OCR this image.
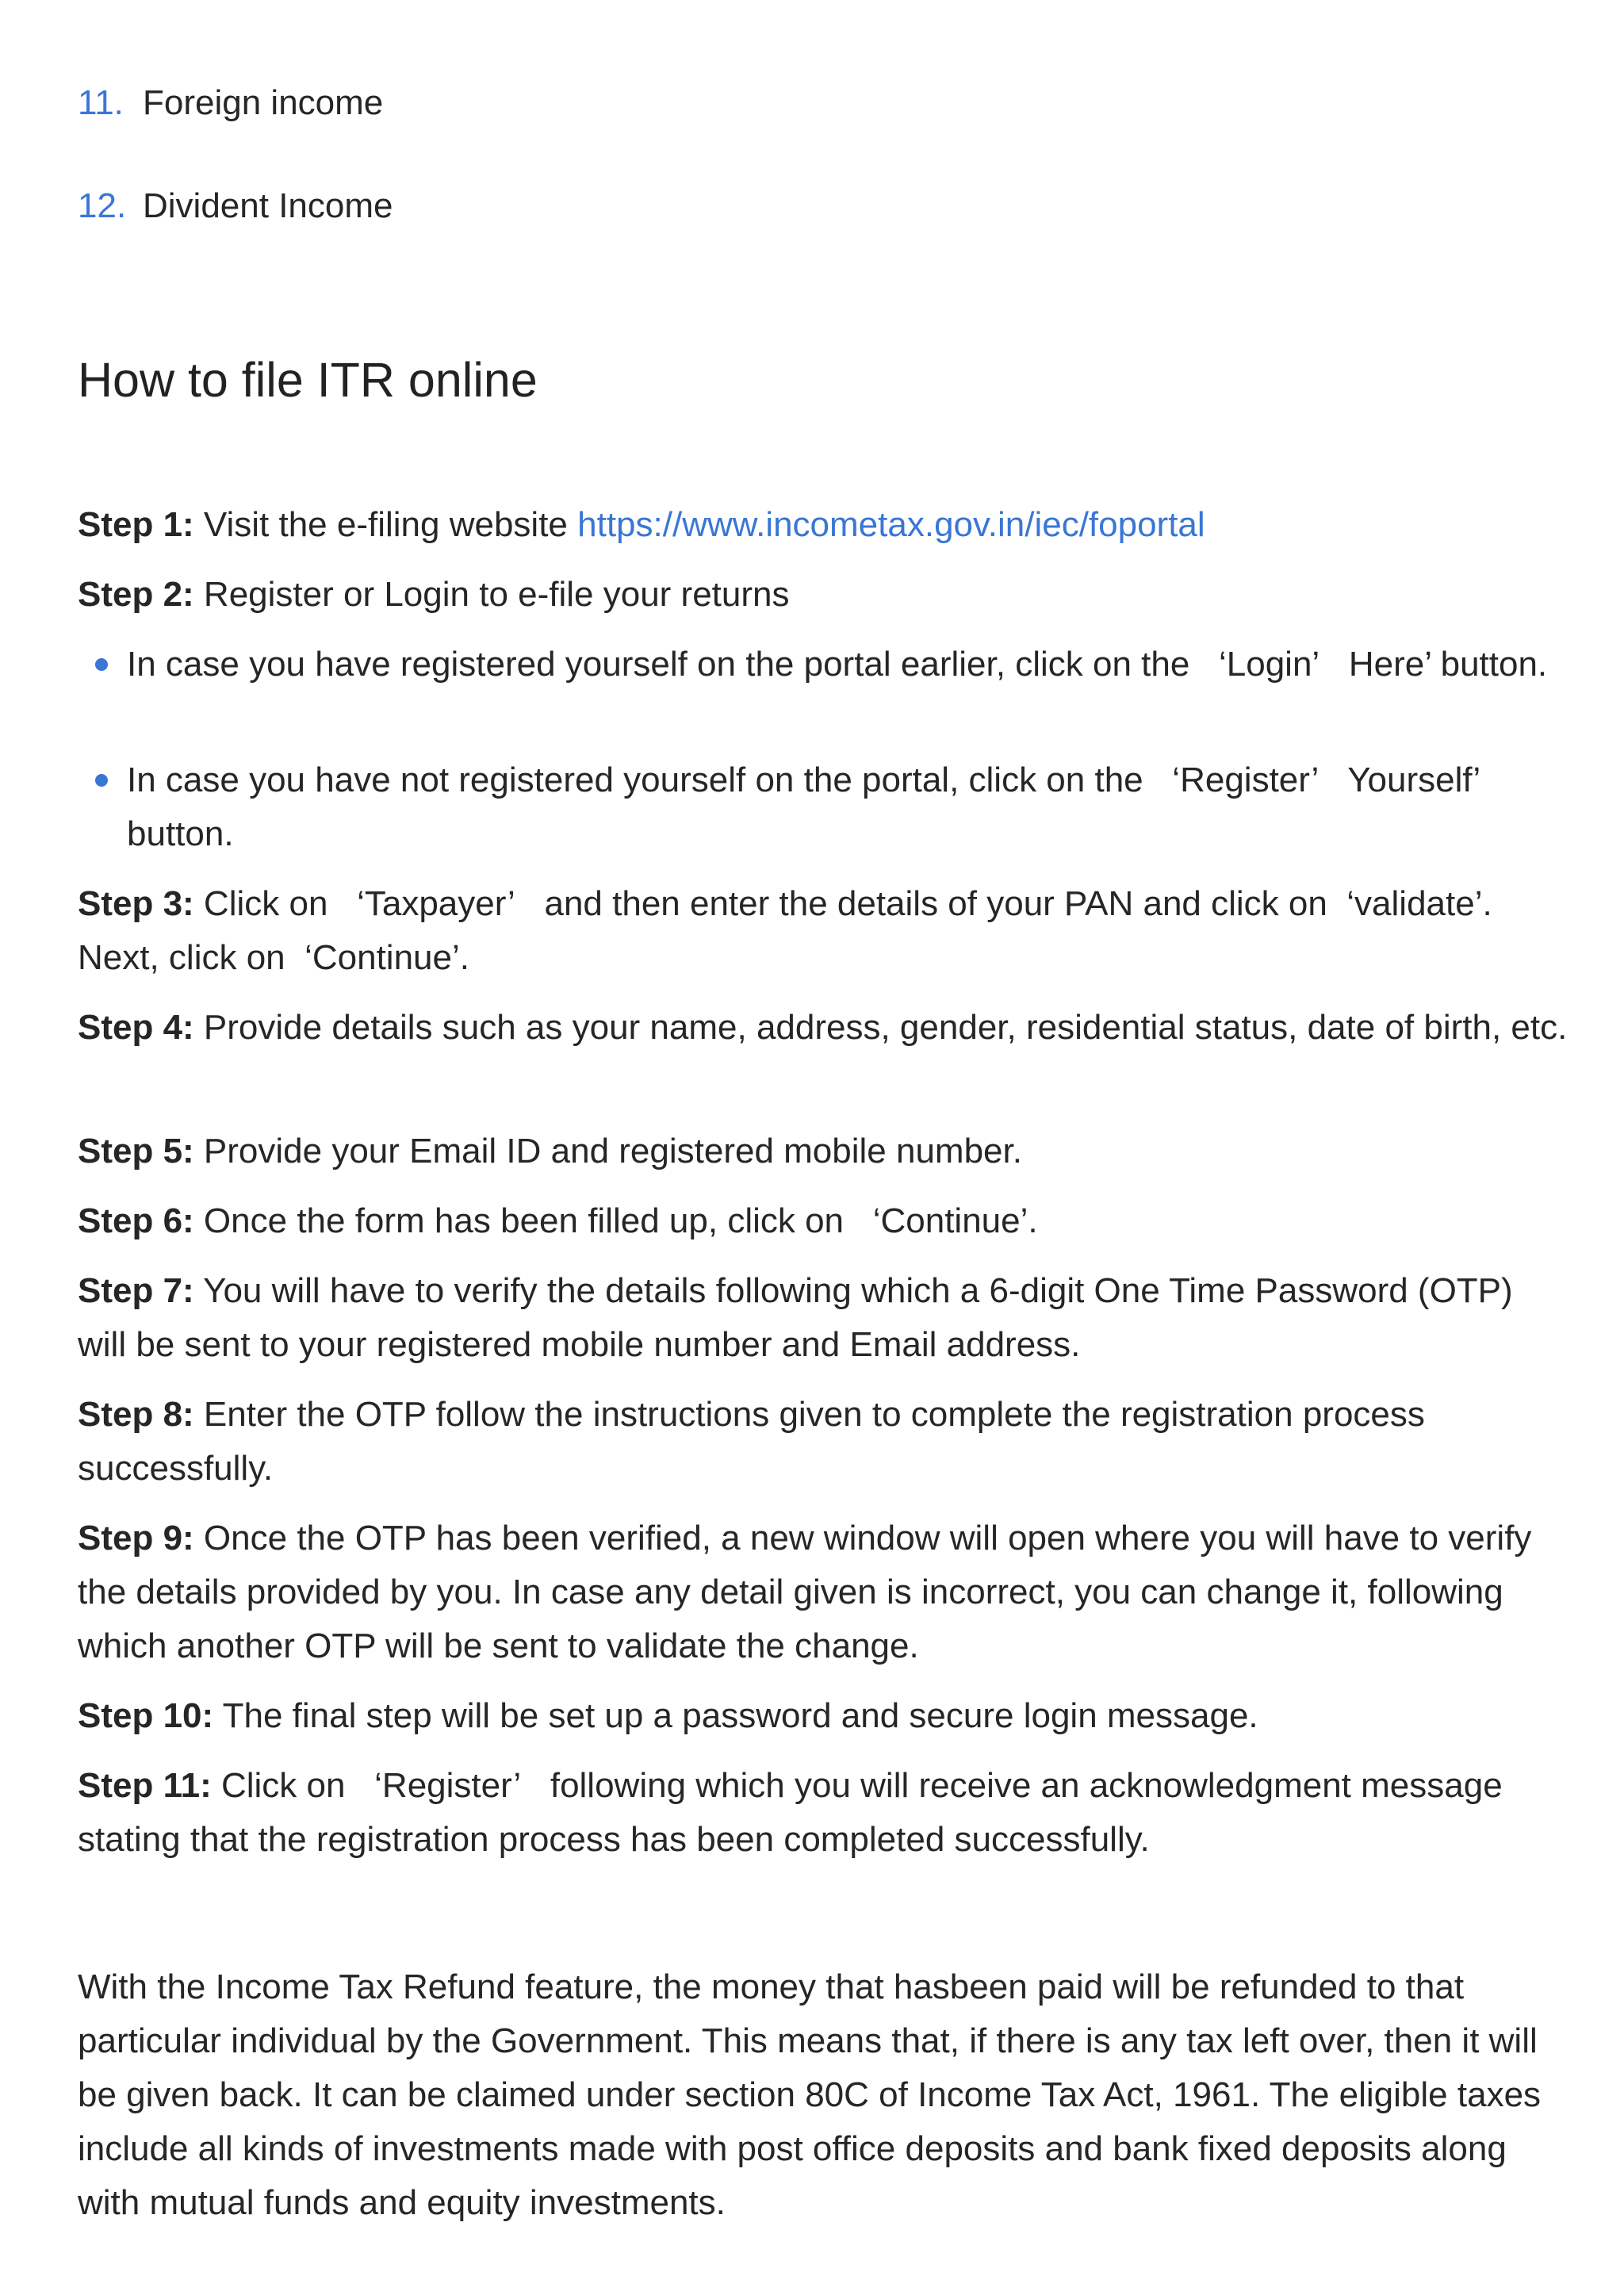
11. Foreign income
12. Divident Income
How to file ITR online

Step 1: Visit the e-filing website https://www.incometax.gov.in/iec/foportal

Step 2: Register or Login to e-file your returns

In case you have registered yourself on the portal earlier, click on the   ‘Login’   Here’ button.

In case you have not registered yourself on the portal, click on the   ‘Register’   Yourself’ button.

Step 3: Click on   ‘Taxpayer’   and then enter the details of your PAN and click on  ‘validate’. Next, click on  ‘Continue’.

Step 4: Provide details such as your name, address, gender, residential status, date of birth, etc.

Step 5: Provide your Email ID and registered mobile number.

Step 6: Once the form has been filled up, click on   ‘Continue’.

Step 7: You will have to verify the details following which a 6-digit One Time Password (OTP) will be sent to your registered mobile number and Email address.

Step 8: Enter the OTP follow the instructions given to complete the registration process successfully.

Step 9: Once the OTP has been verified, a new window will open where you will have to verify the details provided by you. In case any detail given is incorrect, you can change it, following which another OTP will be sent to validate the change.

Step 10: The final step will be set up a password and secure login message.

Step 11: Click on   ‘Register’   following which you will receive an acknowledgment message stating that the registration process has been completed successfully.

With the Income Tax Refund feature, the money that hasbeen paid will be refunded to that particular individual by the Government. This means that, if there is any tax left over, then it will be given back. It can be claimed under section 80C of Income Tax Act, 1961. The eligible taxes include all kinds of investments made with post office deposits and bank fixed deposits along with mutual funds and equity investments.
